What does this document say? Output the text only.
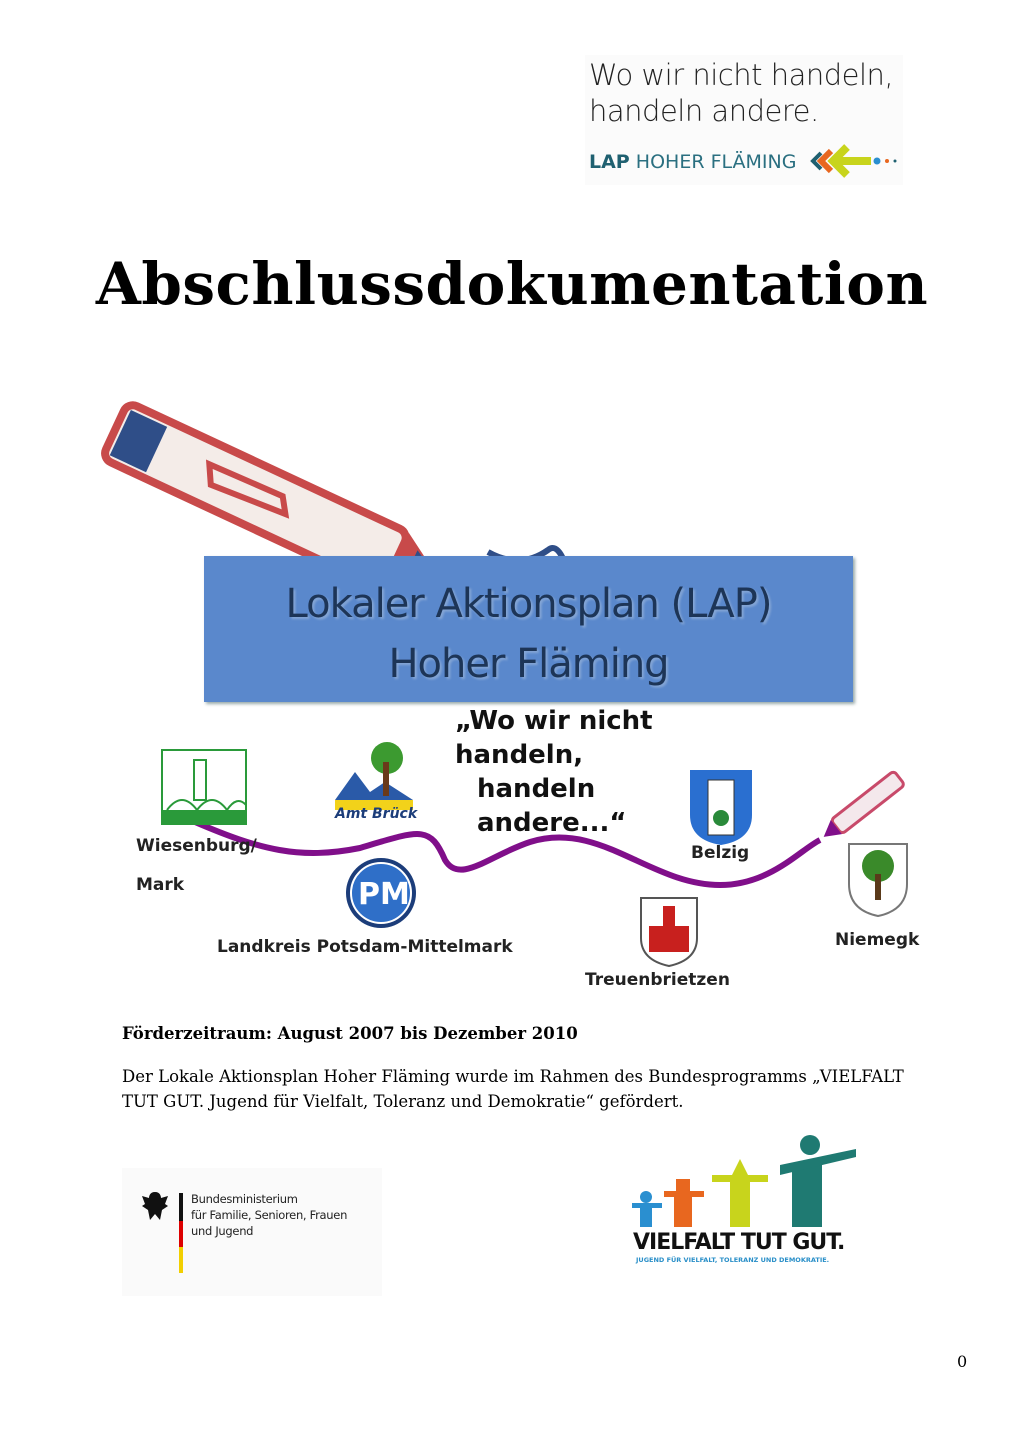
Wo wir nicht handeln,
handeln andere.
LAP HOHER FLÄMING
Abschlussdokumentation
Lokaler Aktionsplan (LAP)
Hoher Fläming
„Wo wir nicht
handeln,
handeln
andere...“
Wiesenburg/
Mark
Amt Brück
PM
Landkreis Potsdam-Mittelmark
Belzig
Treuenbrietzen
Niemegk
Förderzeitraum: August 2007 bis Dezember 2010
Der Lokale Aktionsplan Hoher Fläming wurde im Rahmen des Bundesprogramms „VIELFALT
TUT GUT. Jugend für Vielfalt, Toleranz und Demokratie“ gefördert.
Bundesministerium
für Familie, Senioren, Frauen
und Jugend	VIELFALT TUT GUT.
JUGEND FÜR VIELFALT, TOLERANZ UND DEMOKRATIE.
0
